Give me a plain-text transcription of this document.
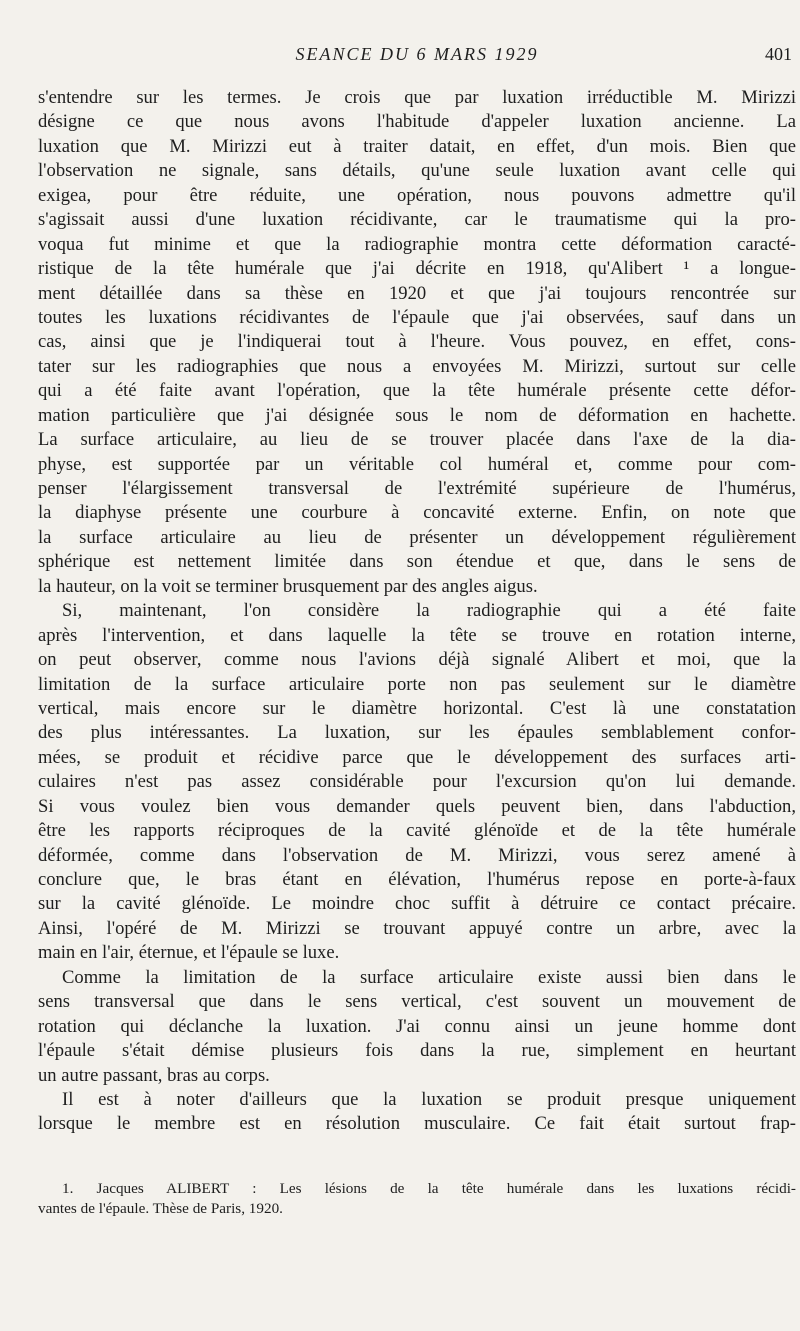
SEANCE DU 6 MARS 1929	401
s'entendre sur les termes. Je crois que par luxation irréductible M. Mirizzi
désigne ce que nous avons l'habitude d'appeler luxation ancienne. La
luxation que M. Mirizzi eut à traiter datait, en effet, d'un mois. Bien que
l'observation ne signale, sans détails, qu'une seule luxation avant celle qui
exigea, pour être réduite, une opération, nous pouvons admettre qu'il
s'agissait aussi d'une luxation récidivante, car le traumatisme qui la pro-
voqua fut minime et que la radiographie montra cette déformation caracté-
ristique de la tête humérale que j'ai décrite en 1918, qu'Alibert ¹ a longue-
ment détaillée dans sa thèse en 1920 et que j'ai toujours rencontrée sur
toutes les luxations récidivantes de l'épaule que j'ai observées, sauf dans un
cas, ainsi que je l'indiquerai tout à l'heure. Vous pouvez, en effet, cons-
tater sur les radiographies que nous a envoyées M. Mirizzi, surtout sur celle
qui a été faite avant l'opération, que la tête humérale présente cette défor-
mation particulière que j'ai désignée sous le nom de déformation en hachette.
La surface articulaire, au lieu de se trouver placée dans l'axe de la dia-
physe, est supportée par un véritable col huméral et, comme pour com-
penser l'élargissement transversal de l'extrémité supérieure de l'humérus,
la diaphyse présente une courbure à concavité externe. Enfin, on note que
la surface articulaire au lieu de présenter un développement régulièrement
sphérique est nettement limitée dans son étendue et que, dans le sens de
la hauteur, on la voit se terminer brusquement par des angles aigus.
Si, maintenant, l'on considère la radiographie qui a été faite
après l'intervention, et dans laquelle la tête se trouve en rotation interne,
on peut observer, comme nous l'avions déjà signalé Alibert et moi, que la
limitation de la surface articulaire porte non pas seulement sur le diamètre
vertical, mais encore sur le diamètre horizontal. C'est là une constatation
des plus intéressantes. La luxation, sur les épaules semblablement confor-
mées, se produit et récidive parce que le développement des surfaces arti-
culaires n'est pas assez considérable pour l'excursion qu'on lui demande.
Si vous voulez bien vous demander quels peuvent bien, dans l'abduction,
être les rapports réciproques de la cavité glénoïde et de la tête humérale
déformée, comme dans l'observation de M. Mirizzi, vous serez amené à
conclure que, le bras étant en élévation, l'humérus repose en porte-à-faux
sur la cavité glénoïde. Le moindre choc suffit à détruire ce contact précaire.
Ainsi, l'opéré de M. Mirizzi se trouvant appuyé contre un arbre, avec la
main en l'air, éternue, et l'épaule se luxe.
Comme la limitation de la surface articulaire existe aussi bien dans le
sens transversal que dans le sens vertical, c'est souvent un mouvement de
rotation qui déclanche la luxation. J'ai connu ainsi un jeune homme dont
l'épaule s'était démise plusieurs fois dans la rue, simplement en heurtant
un autre passant, bras au corps.
Il est à noter d'ailleurs que la luxation se produit presque uniquement
lorsque le membre est en résolution musculaire. Ce fait était surtout frap-
1. Jacques ALIBERT : Les lésions de la tête humérale dans les luxations récidi-
vantes de l'épaule. Thèse de Paris, 1920.
